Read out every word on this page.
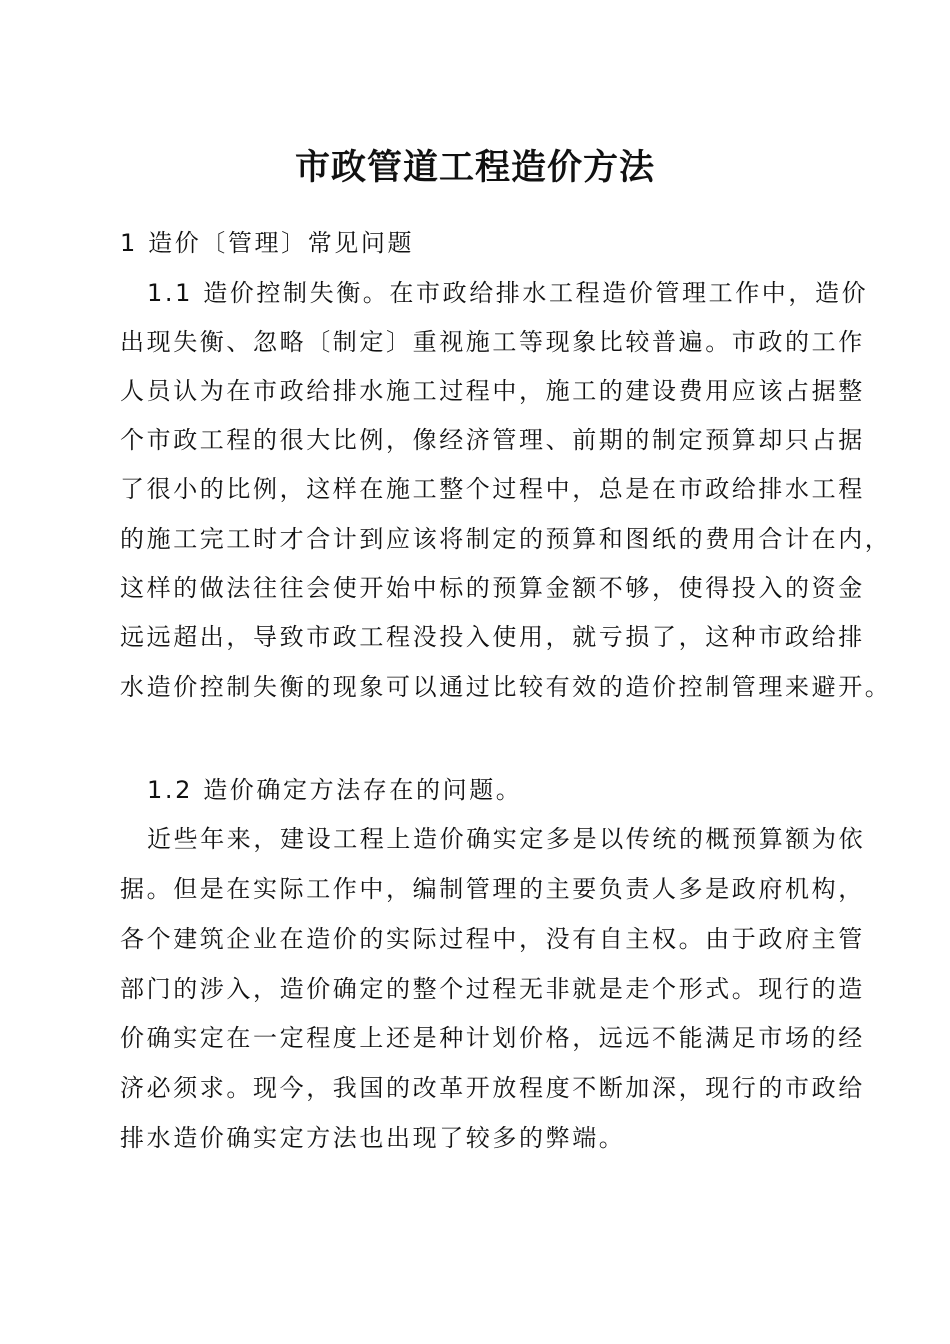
市政管道工程造价方法
1 造价〔管理〕常见问题
1.1 造价控制失衡。在市政给排水工程造价管理工作中，造价
出现失衡、忽略〔制定〕重视施工等现象比较普遍。市政的工作
人员认为在市政给排水施工过程中，施工的建设费用应该占据整
个市政工程的很大比例，像经济管理、前期的制定预算却只占据
了很小的比例，这样在施工整个过程中，总是在市政给排水工程
的施工完工时才合计到应该将制定的预算和图纸的费用合计在内，
这样的做法往往会使开始中标的预算金额不够，使得投入的资金
远远超出，导致市政工程没投入使用，就亏损了，这种市政给排
水造价控制失衡的现象可以通过比较有效的造价控制管理来避开。
1.2 造价确定方法存在的问题。
近些年来，建设工程上造价确实定多是以传统的概预算额为依
据。但是在实际工作中，编制管理的主要负责人多是政府机构，
各个建筑企业在造价的实际过程中，没有自主权。由于政府主管
部门的涉入，造价确定的整个过程无非就是走个形式。现行的造
价确实定在一定程度上还是种计划价格，远远不能满足市场的经
济必须求。现今，我国的改革开放程度不断加深，现行的市政给
排水造价确实定方法也出现了较多的弊端。
